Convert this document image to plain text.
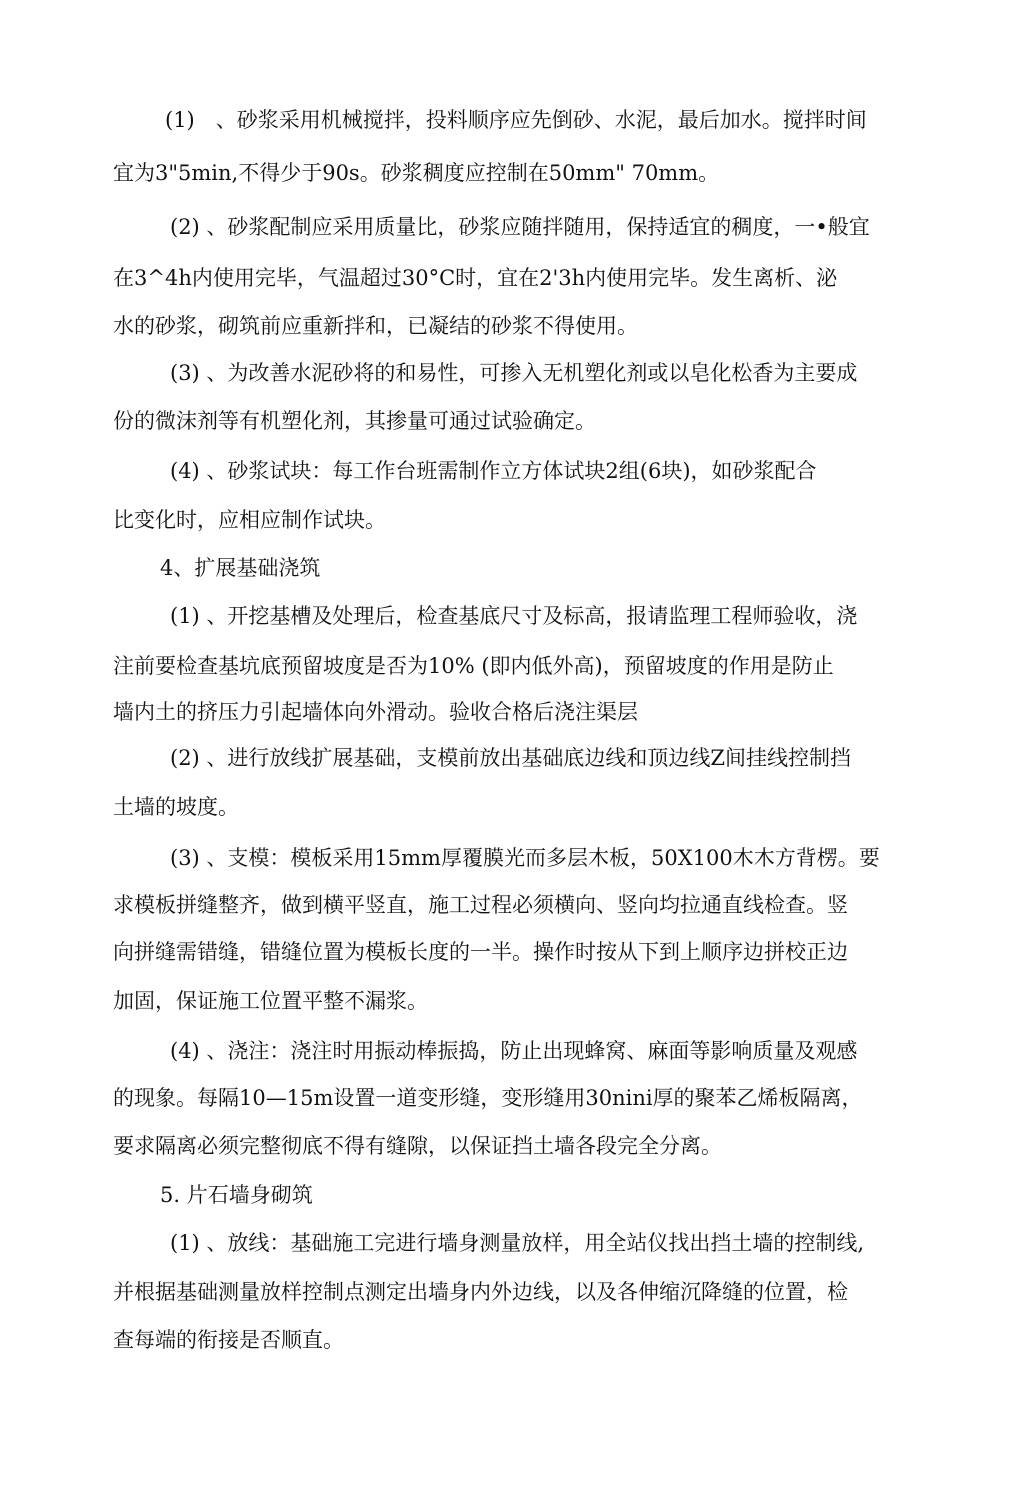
(1)　、砂浆采用机械搅拌，投料顺序应先倒砂、水泥，最后加水。搅拌时间
宜为3"5min,不得少于90s。砂浆稠度应控制在50mm" 70mm。
(2) 、砂浆配制应采用质量比，砂浆应随拌随用，保持适宜的稠度，一•般宜
在3^4h内使用完毕，气温超过30°C时，宜在2'3h内使用完毕。发生离析、泌
水的砂浆，砌筑前应重新拌和，已凝结的砂浆不得使用。
(3) 、为改善水泥砂将的和易性，可掺入无机塑化剂或以皂化松香为主要成
份的微沫剂等有机塑化剂，其掺量可通过试验确定。
(4) 、砂浆试块：每工作台班需制作立方体试块2组(6块)，如砂浆配合
比变化时，应相应制作试块。
4、扩展基础浇筑
(1) 、开挖基槽及处理后，检查基底尺寸及标高，报请监理工程师验收，浇
注前要检查基坑底预留坡度是否为10% (即内低外高)，预留坡度的作用是防止
墙内土的挤压力引起墙体向外滑动。验收合格后浇注渠层
(2) 、进行放线扩展基础，支模前放出基础底边线和顶边线Z间挂线控制挡
土墙的坡度。
(3) 、支模：模板采用15mm厚覆膜光而多层木板，50X100木木方背楞。要
求模板拼缝整齐，做到横平竖直，施工过程必须横向、竖向均拉通直线检查。竖
向拼缝需错缝，错缝位置为模板长度的一半。操作时按从下到上顺序边拼校正边
加固，保证施工位置平整不漏浆。
(4) 、浇注：浇注时用振动棒振捣，防止出现蜂窝、麻面等影响质量及观感
的现象。每隔10—15m设置一道变形缝，变形缝用30nini厚的聚苯乙烯板隔离，
要求隔离必须完整彻底不得有缝隙，以保证挡土墙各段完全分离。
5. 片石墙身砌筑
(1) 、放线：基础施工完进行墙身测量放样，用全站仪找出挡土墙的控制线,
并根据基础测量放样控制点测定出墙身内外边线，以及各伸缩沉降缝的位置，检
查每端的衔接是否顺直。
